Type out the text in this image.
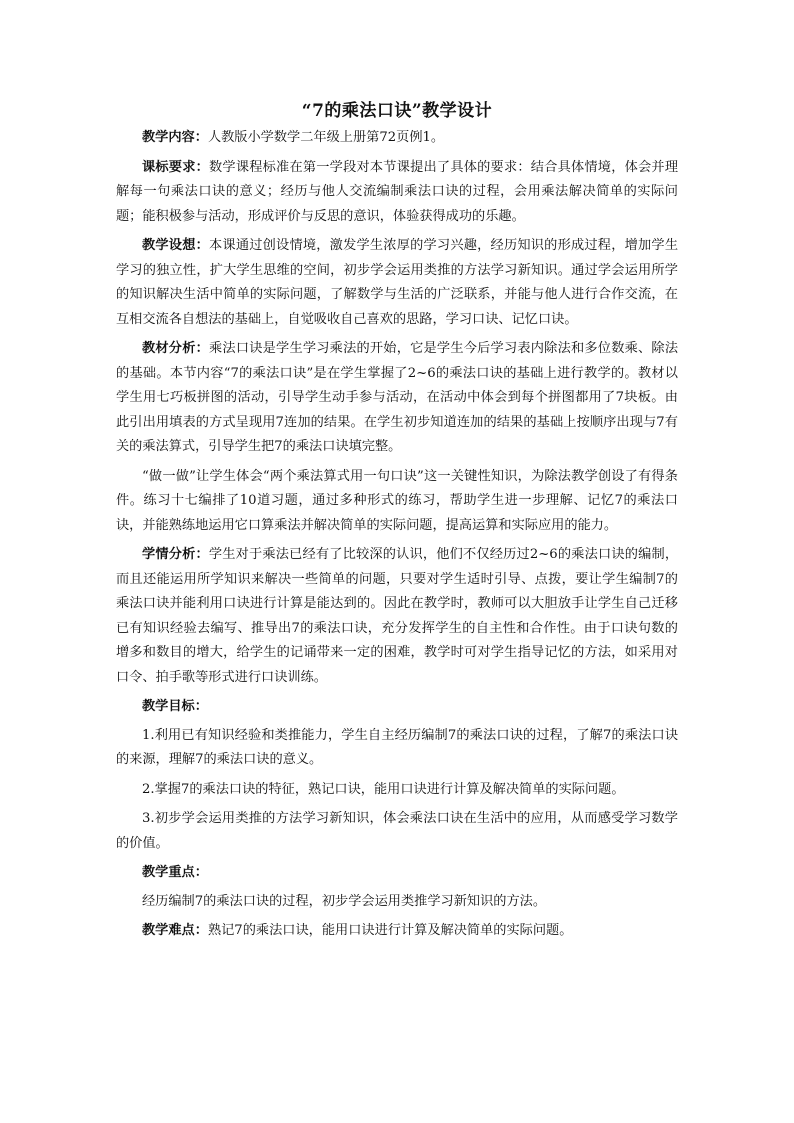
“7的乘法口诀”教学设计

教学内容：人教版小学数学二年级上册第72页例1。

课标要求：数学课程标准在第一学段对本节课提出了具体的要求：结合具体情境，体会并理解每一句乘法口诀的意义；经历与他人交流编制乘法口诀的过程，会用乘法解决简单的实际问题；能积极参与活动，形成评价与反思的意识，体验获得成功的乐趣。

教学设想：本课通过创设情境，激发学生浓厚的学习兴趣，经历知识的形成过程，增加学生学习的独立性，扩大学生思维的空间，初步学会运用类推的方法学习新知识。通过学会运用所学的知识解决生活中简单的实际问题，了解数学与生活的广泛联系，并能与他人进行合作交流，在互相交流各自想法的基础上，自觉吸收自己喜欢的思路，学习口诀、记忆口诀。

教材分析：乘法口诀是学生学习乘法的开始，它是学生今后学习表内除法和多位数乘、除法的基础。本节内容“7的乘法口诀”是在学生掌握了2~6的乘法口诀的基础上进行教学的。教材以学生用七巧板拼图的活动，引导学生动手参与活动，在活动中体会到每个拼图都用了7块板。由此引出用填表的方式呈现用7连加的结果。在学生初步知道连加的结果的基础上按顺序出现与7有关的乘法算式，引导学生把7的乘法口诀填完整。

“做一做”让学生体会“两个乘法算式用一句口诀”这一关键性知识，为除法教学创设了有得条件。练习十七编排了10道习题，通过多种形式的练习，帮助学生进一步理解、记忆7的乘法口诀，并能熟练地运用它口算乘法并解决简单的实际问题，提高运算和实际应用的能力。

学情分析：学生对于乘法已经有了比较深的认识，他们不仅经历过2~6的乘法口诀的编制，而且还能运用所学知识来解决一些简单的问题，只要对学生适时引导、点拨，要让学生编制7的乘法口诀并能利用口诀进行计算是能达到的。因此在教学时，教师可以大胆放手让学生自己迁移已有知识经验去编写、推导出7的乘法口诀，充分发挥学生的自主性和合作性。由于口诀句数的增多和数目的增大，给学生的记诵带来一定的困难，教学时可对学生指导记忆的方法，如采用对口令、拍手歌等形式进行口诀训练。

教学目标：

1.利用已有知识经验和类推能力，学生自主经历编制7的乘法口诀的过程，了解7的乘法口诀的来源，理解7的乘法口诀的意义。

2.掌握7的乘法口诀的特征，熟记口诀，能用口诀进行计算及解决简单的实际问题。

3.初步学会运用类推的方法学习新知识，体会乘法口诀在生活中的应用，从而感受学习数学的价值。

教学重点：

经历编制7的乘法口诀的过程，初步学会运用类推学习新知识的方法。

教学难点：熟记7的乘法口诀，能用口诀进行计算及解决简单的实际问题。
